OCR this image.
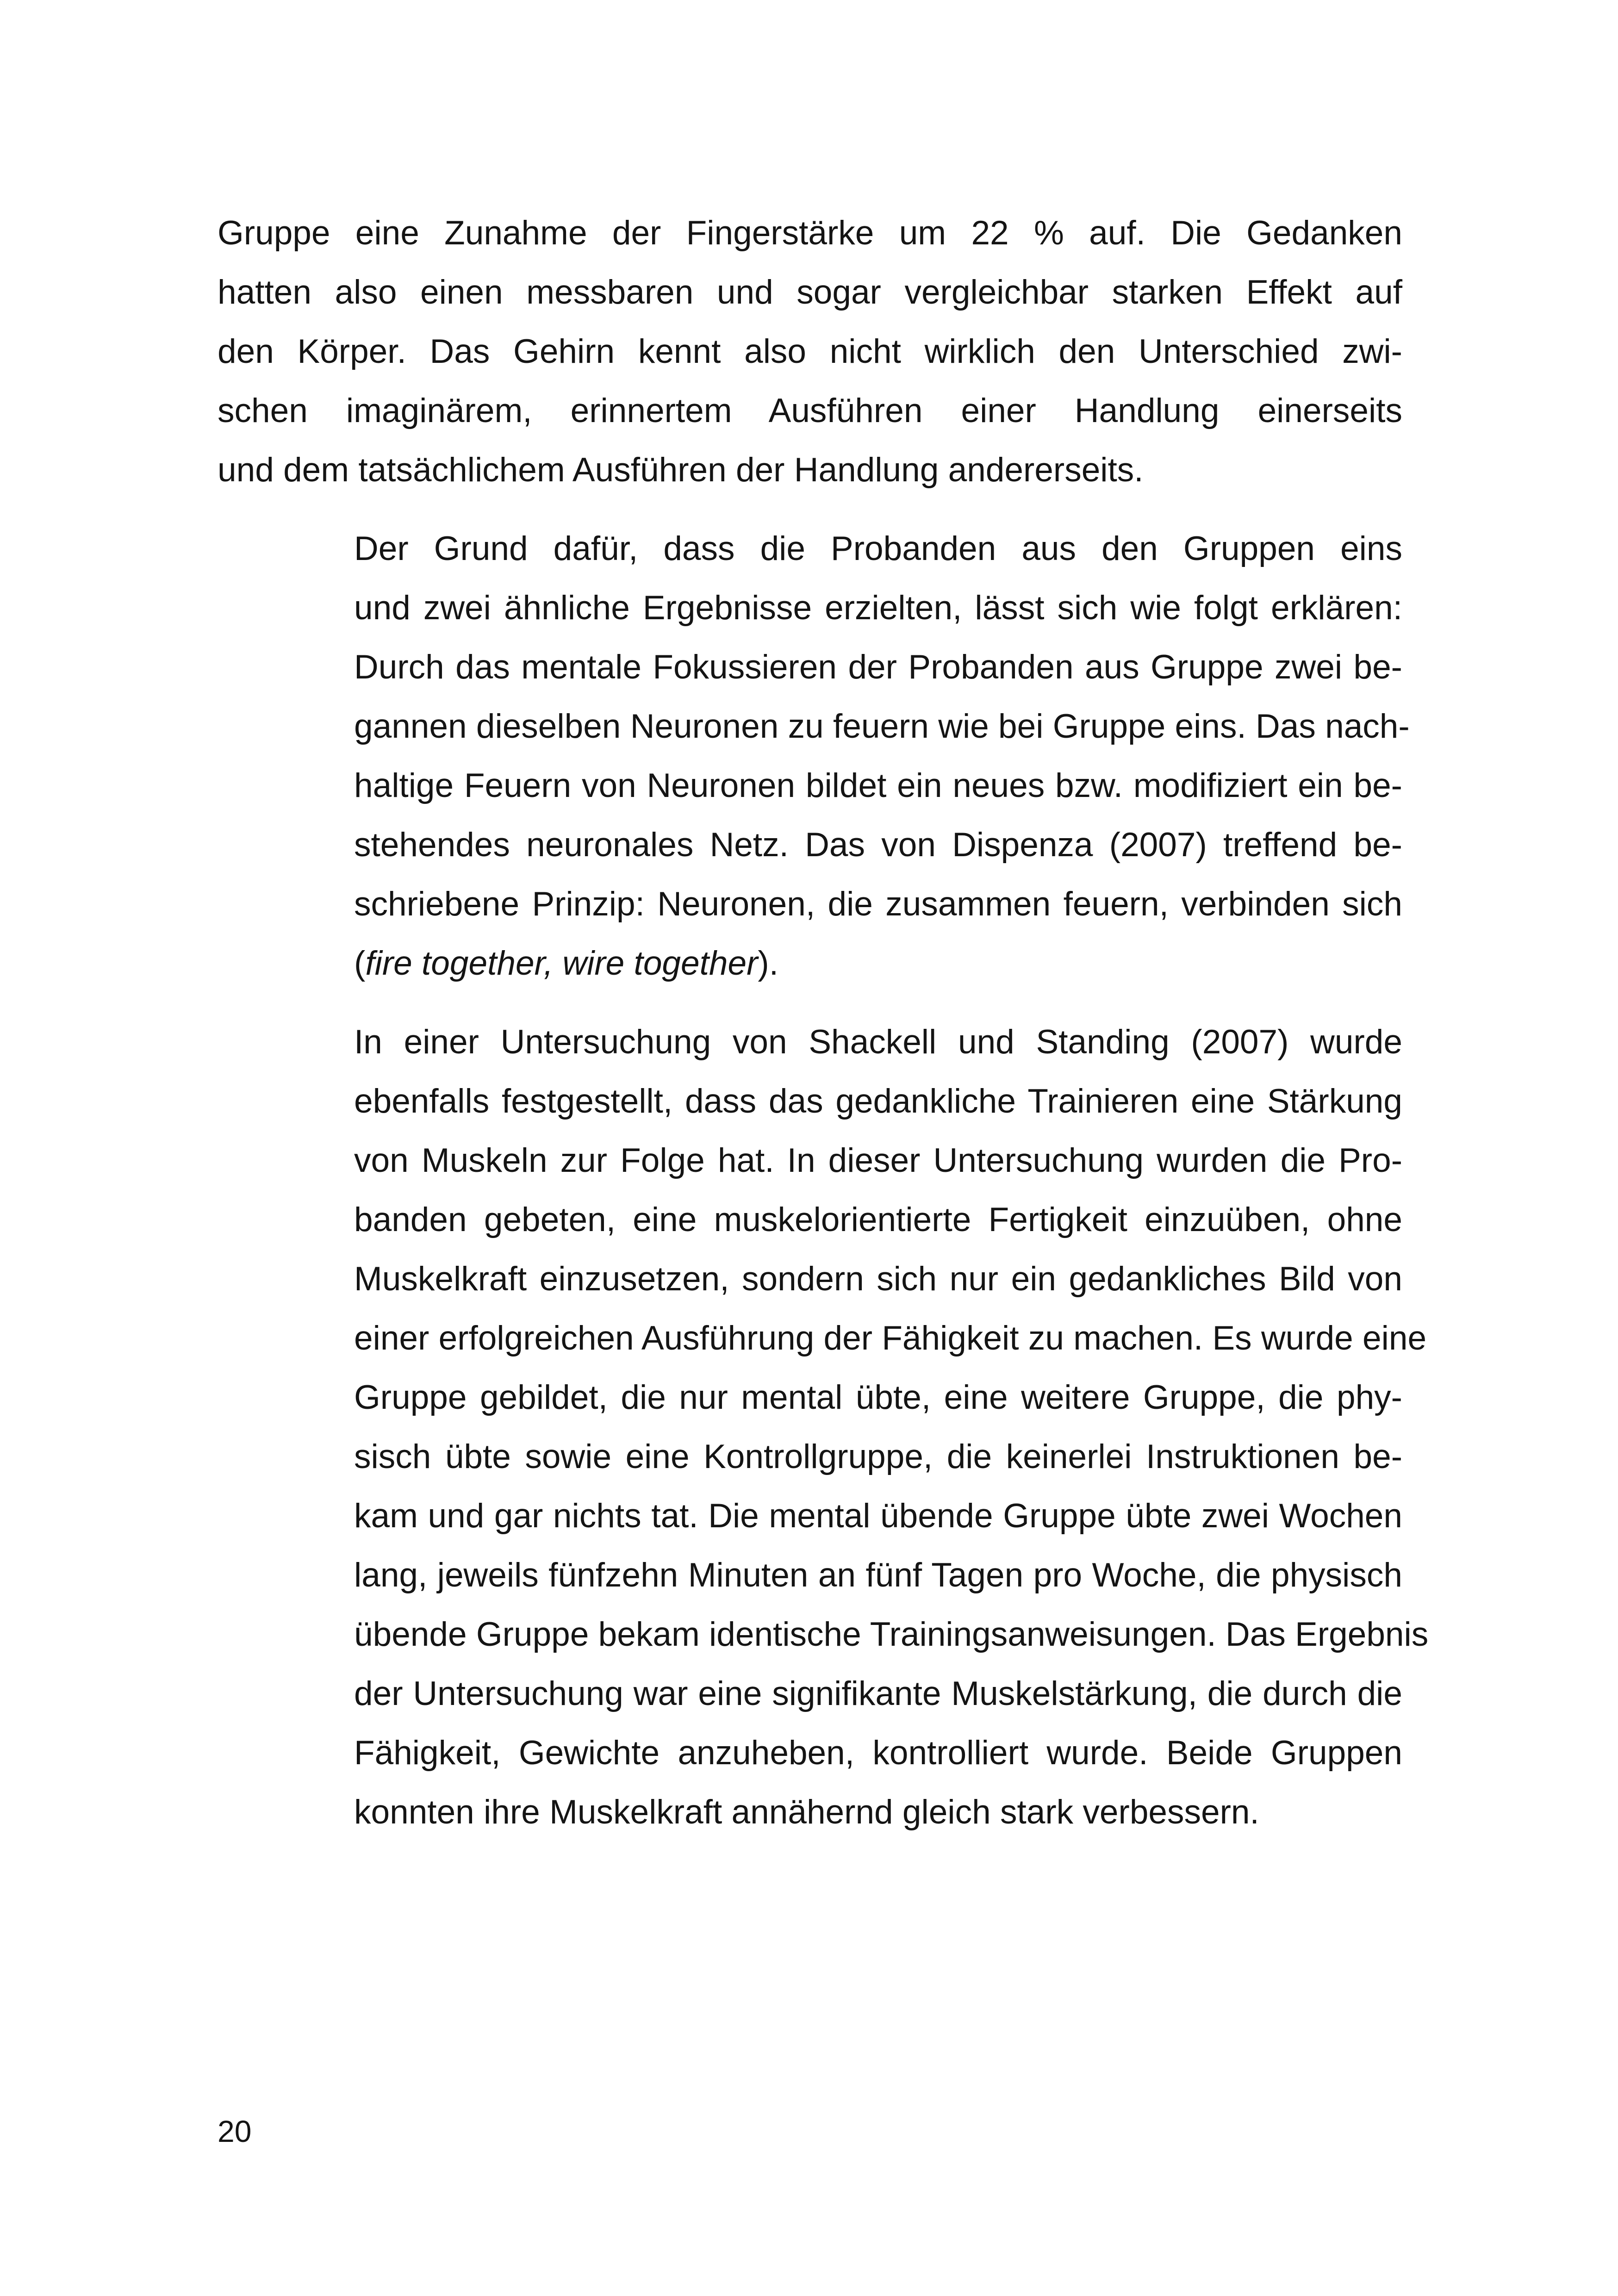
Gruppe eine Zunahme der Fingerstärke um 22 % auf. Die Gedanken
hatten also einen messbaren und sogar vergleichbar starken Effekt auf
den Körper. Das Gehirn kennt also nicht wirklich den Unterschied zwi-
schen imaginärem, erinnertem Ausführen einer Handlung einerseits
und dem tatsächlichem Ausführen der Handlung andererseits.

Der Grund dafür, dass die Probanden aus den Gruppen eins
und zwei ähnliche Ergebnisse erzielten, lässt sich wie folgt erklären:
Durch das mentale Fokussieren der Probanden aus Gruppe zwei be-
gannen dieselben Neuronen zu feuern wie bei Gruppe eins. Das nach-
haltige Feuern von Neuronen bildet ein neues bzw. modifiziert ein be-
stehendes neuronales Netz. Das von Dispenza (2007) treffend be-
schriebene Prinzip: Neuronen, die zusammen feuern, verbinden sich
(fire together, wire together).

In einer Untersuchung von Shackell und Standing (2007) wurde
ebenfalls festgestellt, dass das gedankliche Trainieren eine Stärkung
von Muskeln zur Folge hat. In dieser Untersuchung wurden die Pro-
banden gebeten, eine muskelorientierte Fertigkeit einzuüben, ohne
Muskelkraft einzusetzen, sondern sich nur ein gedankliches Bild von
einer erfolgreichen Ausführung der Fähigkeit zu machen. Es wurde eine
Gruppe gebildet, die nur mental übte, eine weitere Gruppe, die phy-
sisch übte sowie eine Kontrollgruppe, die keinerlei Instruktionen be-
kam und gar nichts tat. Die mental übende Gruppe übte zwei Wochen
lang, jeweils fünfzehn Minuten an fünf Tagen pro Woche, die physisch
übende Gruppe bekam identische Trainingsanweisungen. Das Ergebnis
der Untersuchung war eine signifikante Muskelstärkung, die durch die
Fähigkeit, Gewichte anzuheben, kontrolliert wurde. Beide Gruppen
konnten ihre Muskelkraft annähernd gleich stark verbessern.

20
